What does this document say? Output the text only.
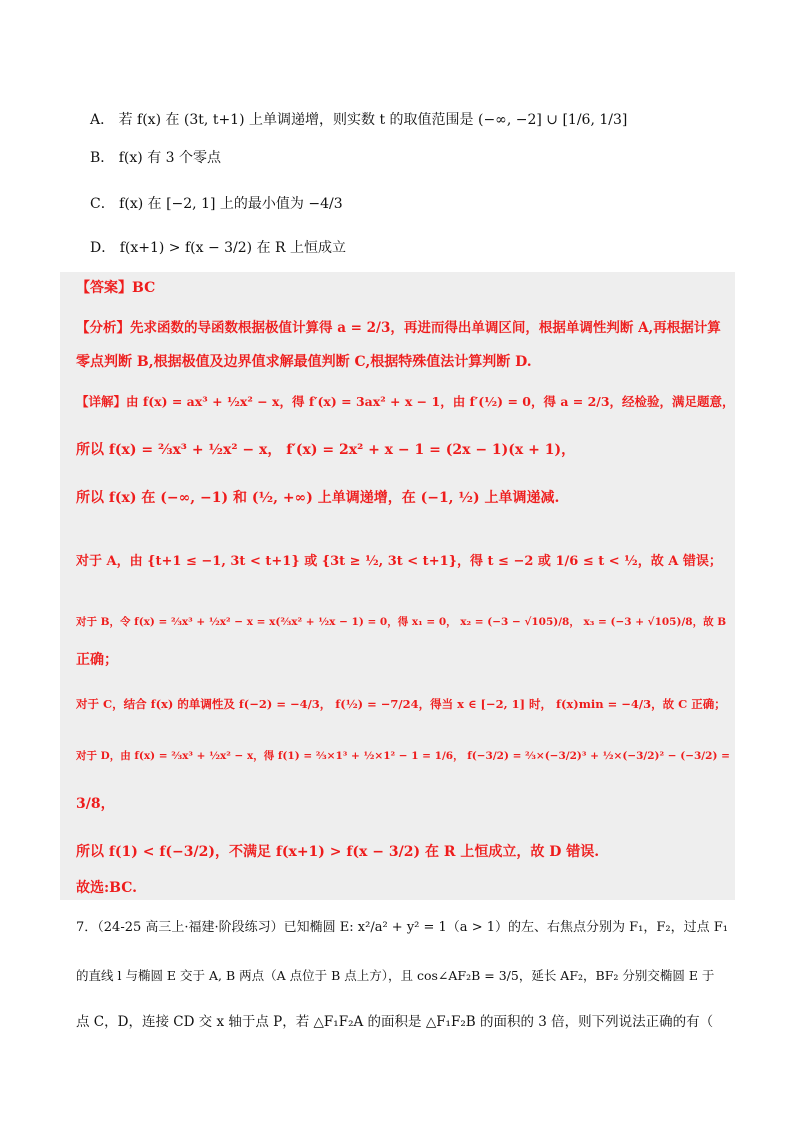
A． 若 f(x) 在 (3t, t+1) 上单调递增，则实数 t 的取值范围是 (−∞, −2] ∪ [1/6, 1/3]
B． f(x) 有 3 个零点
C． f(x) 在 [−2, 1] 上的最小值为 −4/3
D． f(x+1) > f(x − 3/2) 在 R 上恒成立
【答案】BC
【分析】先求函数的导函数根据极值计算得 a = 2/3，再进而得出单调区间，根据单调性判断 A,再根据计算
零点判断 B,根据极值及边界值求解最值判断 C,根据特殊值法计算判断 D.
【详解】由 f(x) = ax³ + ½x² − x，得 f′(x) = 3ax² + x − 1，由 f′(½) = 0，得 a = 2/3，经检验，满足题意，
所以 f(x) = ⅔x³ + ½x² − x， f′(x) = 2x² + x − 1 = (2x − 1)(x + 1)，
所以 f(x) 在 (−∞, −1) 和 (½, +∞) 上单调递增，在 (−1, ½) 上单调递减.
对于 A，由 {t+1 ≤ −1, 3t < t+1} 或 {3t ≥ ½, 3t < t+1}，得 t ≤ −2 或 1/6 ≤ t < ½，故 A 错误；
对于 B，令 f(x) = ⅔x³ + ½x² − x = x(⅔x² + ½x − 1) = 0，得 x₁ = 0， x₂ = (−3 − √105)/8， x₃ = (−3 + √105)/8，故 B
正确；
对于 C，结合 f(x) 的单调性及 f(−2) = −4/3， f(½) = −7/24，得当 x ∈ [−2, 1] 时， f(x)min = −4/3，故 C 正确；
对于 D，由 f(x) = ⅔x³ + ½x² − x，得 f(1) = ⅔×1³ + ½×1² − 1 = 1/6， f(−3/2) = ⅔×(−3/2)³ + ½×(−3/2)² − (−3/2) =
3/8，
所以 f(1) < f(−3/2)，不满足 f(x+1) > f(x − 3/2) 在 R 上恒成立，故 D 错误.
故选:BC.
7．（24-25 高三上·福建·阶段练习）已知椭圆 E: x²/a² + y² = 1（a > 1）的左、右焦点分别为 F₁，F₂，过点 F₁
的直线 l 与椭圆 E 交于 A, B 两点（A 点位于 B 点上方），且 cos∠AF₂B = 3/5，延长 AF₂，BF₂ 分别交椭圆 E 于
点 C，D，连接 CD 交 x 轴于点 P，若 △F₁F₂A 的面积是 △F₁F₂B 的面积的 3 倍，则下列说法正确的有（
